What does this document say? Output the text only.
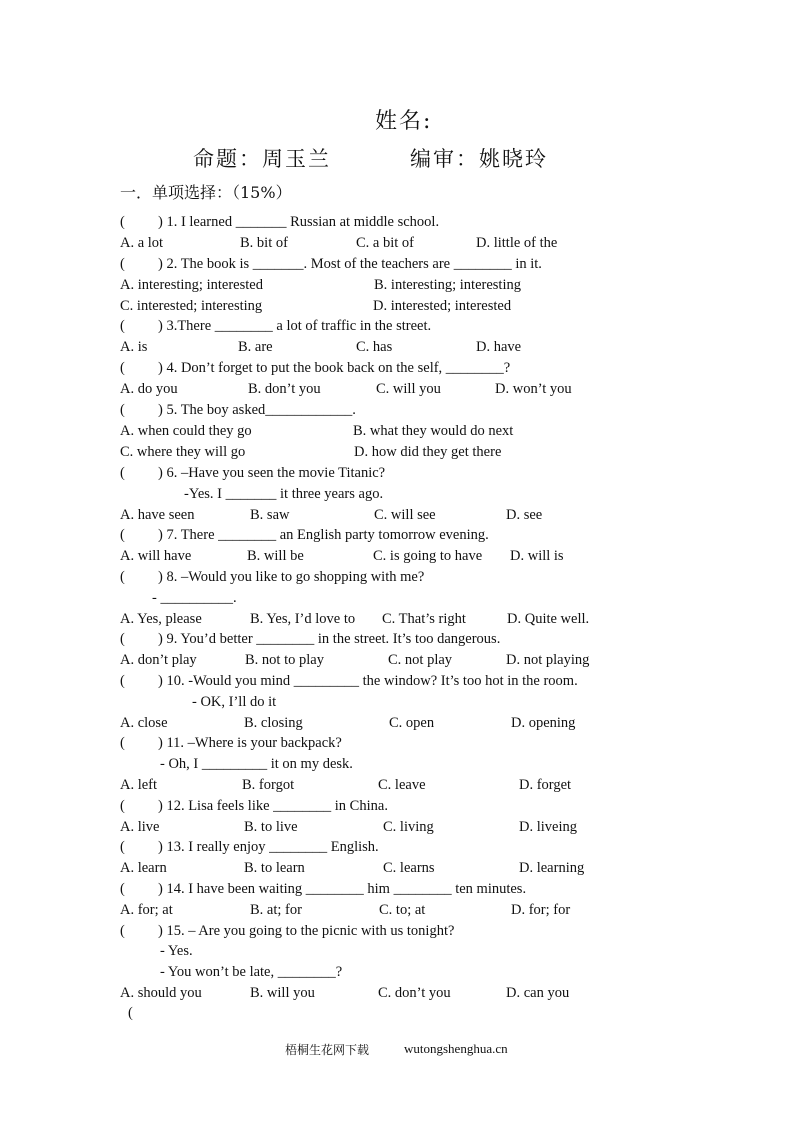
姓名:
命题：周玉兰	编审：姚晓玲
一．单项选择：（15%）
( ) 1. I learned _______ Russian at middle school.
A. a lot	B. bit of	C. a bit of	D. little of the
( ) 2. The book is _______. Most of the teachers are ________ in it.
A. interesting; interested	B. interesting; interesting
C. interested; interesting	D. interested; interested
( ) 3.There ________ a lot of traffic in the street.
A. is	B. are	C. has	D. have
( ) 4. Don’t forget to put the book back on the self, ________?
A. do you	B. don’t you	C. will you	D. won’t you
( ) 5. The boy asked____________.
A. when could they go	B. what they would do next
C. where they will go	D. how did they get there
( ) 6. –Have you seen the movie Titanic?
-Yes. I _______ it three years ago.
A. have seen	B. saw	C. will see	D. see
( ) 7. There ________ an English party tomorrow evening.
A. will have	B. will be	C. is going to have D. will is
( ) 8. –Would you like to go shopping with me?
- __________.
A. Yes, please	B. Yes, I’d love to C. That’s right	D. Quite well.
( ) 9. You’d better ________ in the street. It’s too dangerous.
A. don’t play	B. not to play	C. not play	D. not playing
( ) 10. -Would you mind _________ the window? It’s too hot in the room.
- OK, I’ll do it
A. close	B. closing	C. open	D. opening
( ) 11. –Where is your backpack?
- Oh, I _________ it on my desk.
A. left	B. forgot	C. leave	D. forget
( ) 12. Lisa feels like ________ in China.
A. live	B. to live	C. living	D. liveing
( ) 13. I really enjoy ________ English.
A. learn	B. to learn	C. learns	D. learning
( ) 14. I have been waiting ________ him ________ ten minutes.
A. for; at	B. at; for	C. to; at	D. for; for
( ) 15. – Are you going to the picnic with us tonight?
- Yes.
- You won’t be late, ________?
A. should you	B. will you	C. don’t you	D. can you
(
梧桐生花网下载	wutongshenghua.cn
